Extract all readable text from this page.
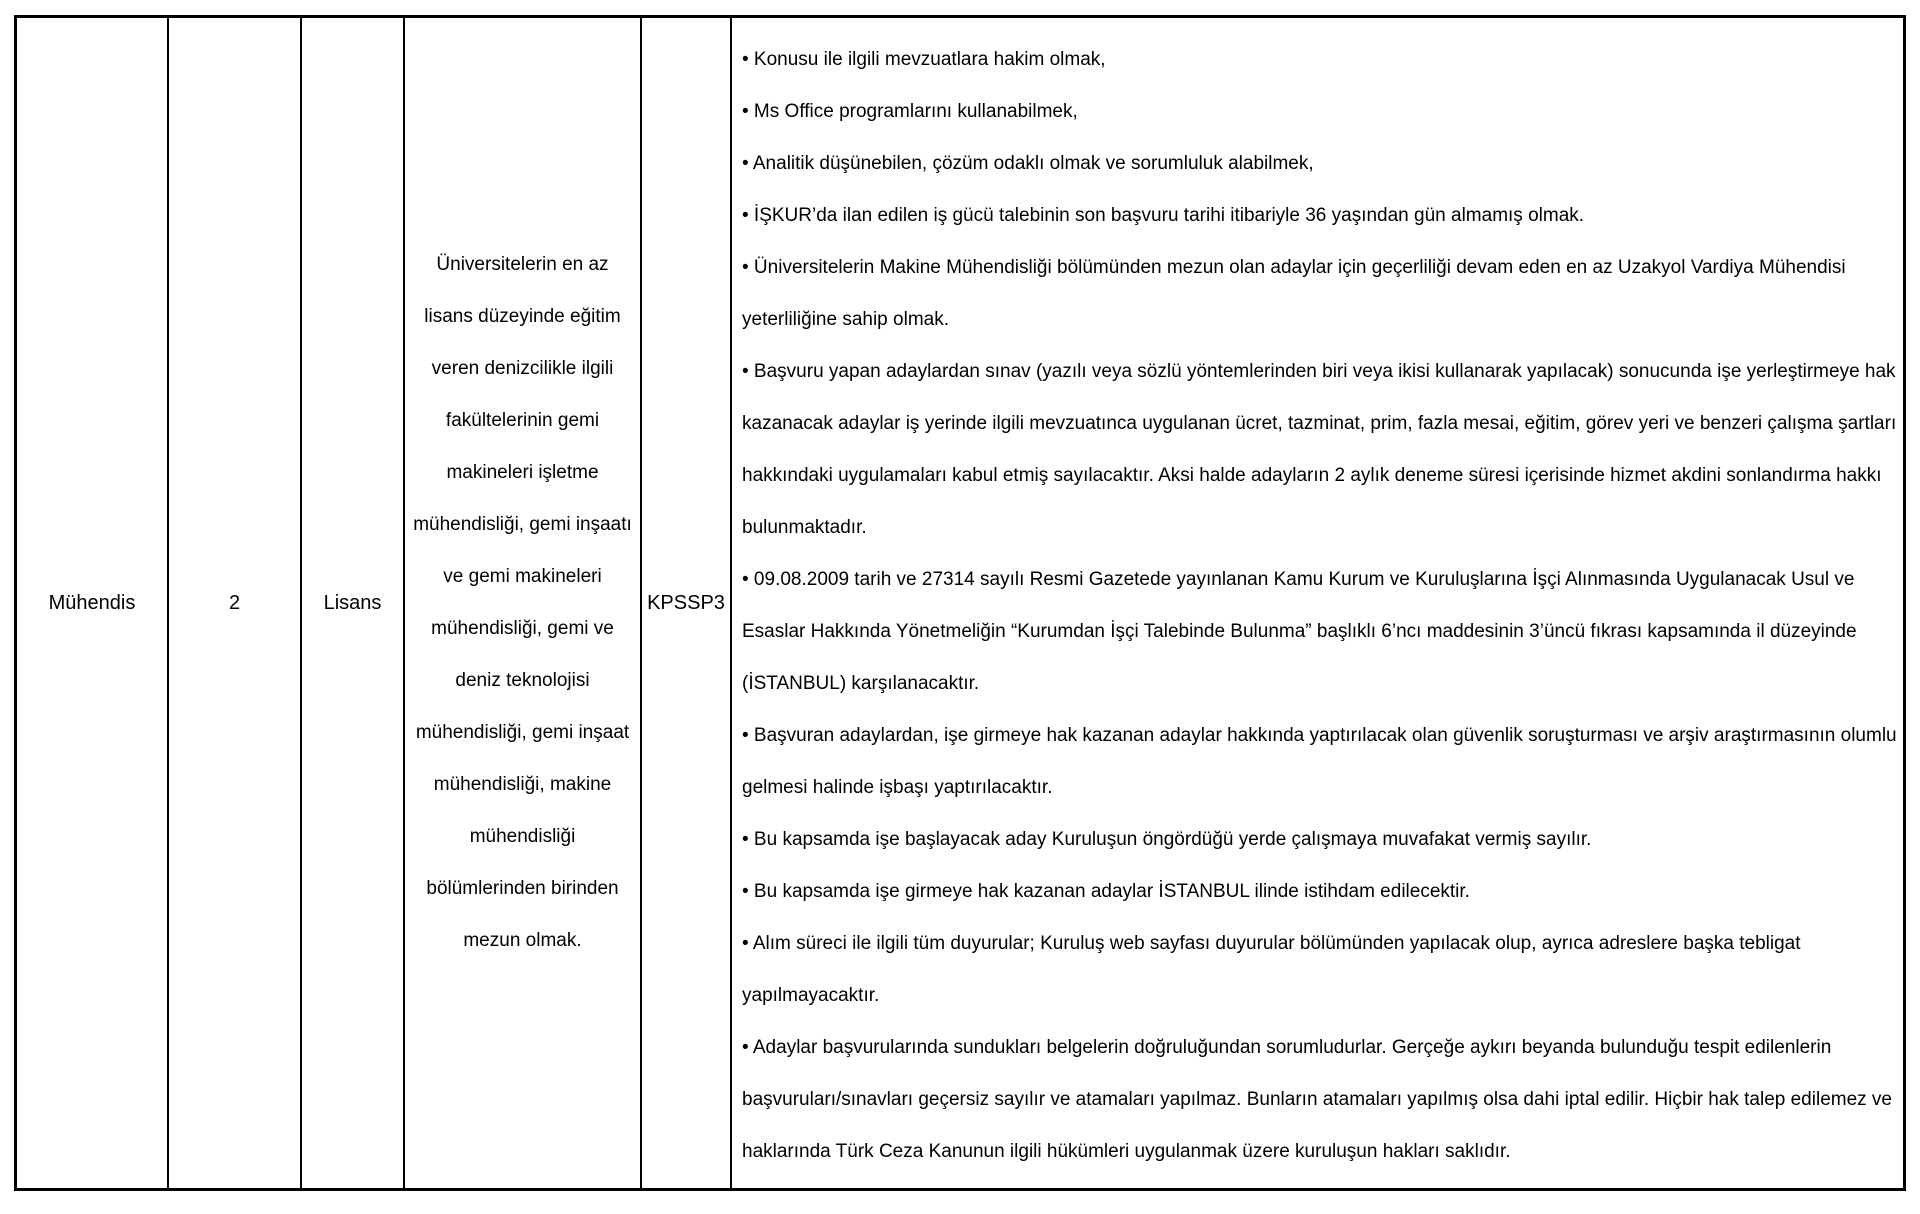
Mühendis	2	Lisans
Üniversitelerin en az
lisans düzeyinde eğitim
veren denizcilikle ilgili
fakültelerinin gemi
makineleri işletme
mühendisliği, gemi inşaatı
ve gemi makineleri
mühendisliği, gemi ve
deniz teknolojisi
mühendisliği, gemi inşaat
mühendisliği, makine
mühendisliği
bölümlerinden birinden
mezun olmak.
KPSSP3
• Konusu ile ilgili mevzuatlara hakim olmak,
• Ms Office programlarını kullanabilmek,
• Analitik düşünebilen, çözüm odaklı olmak ve sorumluluk alabilmek,
• İŞKUR’da ilan edilen iş gücü talebinin son başvuru tarihi itibariyle 36 yaşından gün almamış olmak.
• Üniversitelerin Makine Mühendisliği bölümünden mezun olan adaylar için geçerliliği devam eden en az Uzakyol Vardiya Mühendisi
yeterliliğine sahip olmak.
• Başvuru yapan adaylardan sınav (yazılı veya sözlü yöntemlerinden biri veya ikisi kullanarak yapılacak) sonucunda işe yerleştirmeye hak
kazanacak adaylar iş yerinde ilgili mevzuatınca uygulanan ücret, tazminat, prim, fazla mesai, eğitim, görev yeri ve benzeri çalışma şartları
hakkındaki uygulamaları kabul etmiş sayılacaktır. Aksi halde adayların 2 aylık deneme süresi içerisinde hizmet akdini sonlandırma hakkı
bulunmaktadır.
• 09.08.2009 tarih ve 27314 sayılı Resmi Gazetede yayınlanan Kamu Kurum ve Kuruluşlarına İşçi Alınmasında Uygulanacak Usul ve
Esaslar Hakkında Yönetmeliğin “Kurumdan İşçi Talebinde Bulunma” başlıklı 6’ncı maddesinin 3’üncü fıkrası kapsamında il düzeyinde
(İSTANBUL) karşılanacaktır.
• Başvuran adaylardan, işe girmeye hak kazanan adaylar hakkında yaptırılacak olan güvenlik soruşturması ve arşiv araştırmasının olumlu
gelmesi halinde işbaşı yaptırılacaktır.
• Bu kapsamda işe başlayacak aday Kuruluşun öngördüğü yerde çalışmaya muvafakat vermiş sayılır.
• Bu kapsamda işe girmeye hak kazanan adaylar İSTANBUL ilinde istihdam edilecektir.
• Alım süreci ile ilgili tüm duyurular; Kuruluş web sayfası duyurular bölümünden yapılacak olup, ayrıca adreslere başka tebligat
yapılmayacaktır.
• Adaylar başvurularında sundukları belgelerin doğruluğundan sorumludurlar. Gerçeğe aykırı beyanda bulunduğu tespit edilenlerin
başvuruları/sınavları geçersiz sayılır ve atamaları yapılmaz. Bunların atamaları yapılmış olsa dahi iptal edilir. Hiçbir hak talep edilemez ve
haklarında Türk Ceza Kanunun ilgili hükümleri uygulanmak üzere kuruluşun hakları saklıdır.
